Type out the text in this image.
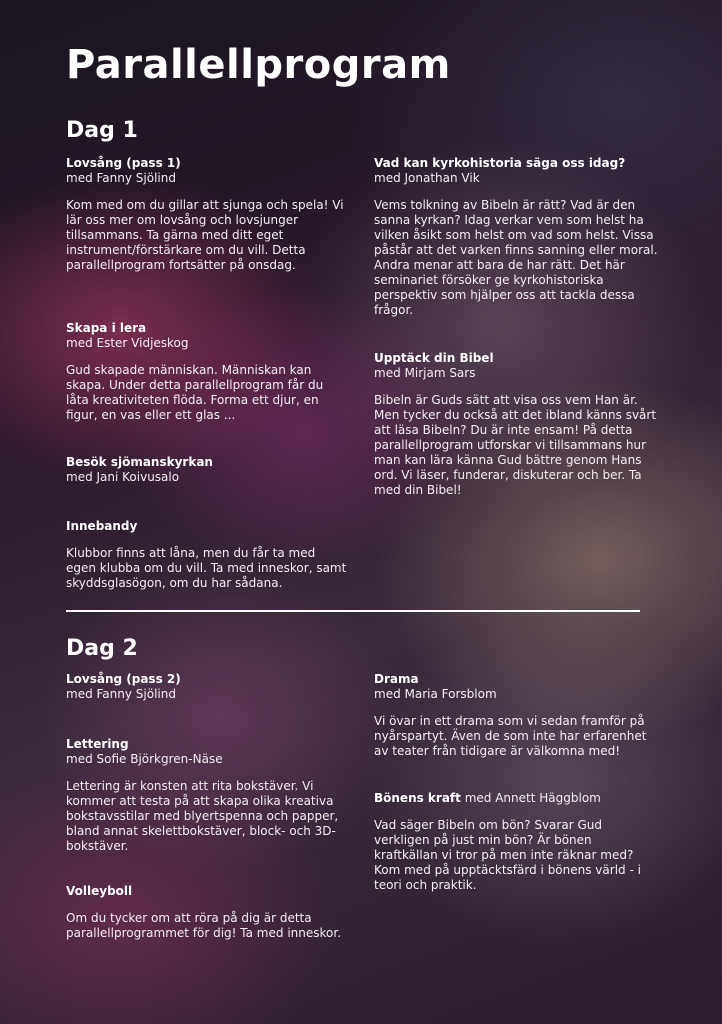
Parallellprogram
Dag 1

Lovsång (pass 1)

med Fanny Sjölind

Kom med om du gillar att sjunga och spela! Vi lär oss mer om lovsång och lovsjunger tillsammans. Ta gärna med ditt eget instrument/förstärkare om du vill. Detta parallellprogram fortsätter på onsdag.

Skapa i lera

med Ester Vidjeskog

Gud skapade människan. Människan kan skapa. Under detta parallellprogram får du låta kreativiteten flöda. Forma ett djur, en figur, en vas eller ett glas ...

Besök sjömanskyrkan

med Jani Koivusalo

Innebandy

Klubbor finns att låna, men du får ta med egen klubba om du vill. Ta med inneskor, samt skyddsglasögon, om du har sådana.

Vad kan kyrkohistoria säga oss idag?

med Jonathan Vik

Vems tolkning av Bibeln är rätt? Vad är den sanna kyrkan? Idag verkar vem som helst ha vilken åsikt som helst om vad som helst. Vissa påstår att det varken finns sanning eller moral. Andra menar att bara de har rätt. Det här seminariet försöker ge kyrkohistoriska perspektiv som hjälper oss att tackla dessa frågor.

Upptäck din Bibel

med Mirjam Sars

Bibeln är Guds sätt att visa oss vem Han är. Men tycker du också att det ibland känns svårt att läsa Bibeln? Du är inte ensam! På detta parallellprogram utforskar vi tillsammans hur man kan lära känna Gud bättre genom Hans ord. Vi läser, funderar, diskuterar och ber. Ta med din Bibel!

Dag 2

Lovsång (pass 2)

med Fanny Sjölind

Lettering

med Sofie Björkgren-Näse

Lettering är konsten att rita bokstäver. Vi kommer att testa på att skapa olika kreativa bokstavsstilar med blyertspenna och papper, bland annat skelettbokstäver, block- och 3D-bokstäver.

Volleyboll

Om du tycker om att röra på dig är detta parallellprogrammet för dig! Ta med inneskor.

Drama

med Maria Forsblom

Vi övar in ett drama som vi sedan framför på nyårspartyt. Även de som inte har erfarenhet av teater från tidigare är välkomna med!

Bönens kraft med Annett Häggblom

Vad säger Bibeln om bön? Svarar Gud verkligen på just min bön? Är bönen kraftkällan vi tror på men inte räknar med? Kom med på upptäcktsfärd i bönens värld - i teori och praktik.
